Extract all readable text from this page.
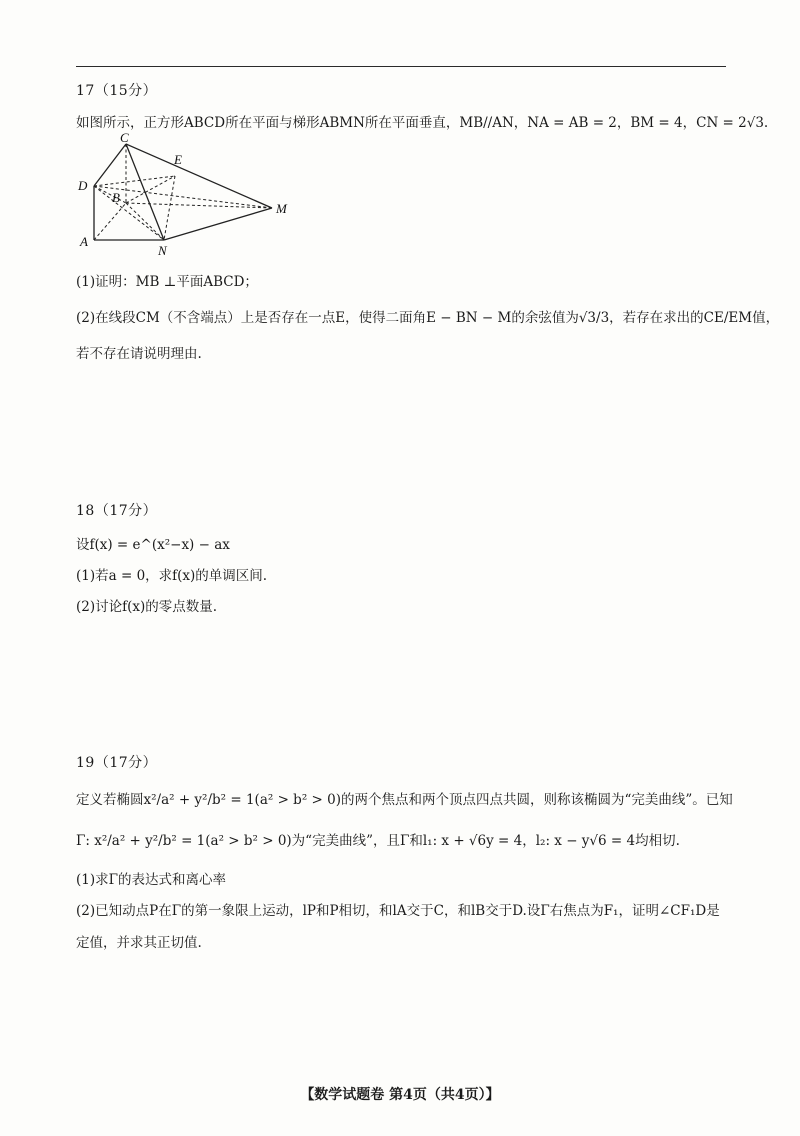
17（15分）
如图所示，正方形ABCD所在平面与梯形ABMN所在平面垂直，MB//AN，NA = AB = 2，BM = 4，CN = 2√3.
C
E
D
B
M
A
N
(1)证明：MB ⊥平面ABCD；
(2)在线段CM（不含端点）上是否存在一点E，使得二面角E − BN − M的余弦值为√3/3，若存在求出的CE/EM值，
若不存在请说明理由.
18（17分）
设f(x) = e^(x²−x) − ax
(1)若a = 0，求f(x)的单调区间.
(2)讨论f(x)的零点数量.
19（17分）
定义若椭圆x²/a² + y²/b² = 1(a² > b² > 0)的两个焦点和两个顶点四点共圆，则称该椭圆为“完美曲线”。已知
Γ: x²/a² + y²/b² = 1(a² > b² > 0)为“完美曲线”，且Γ和l₁: x + √6y = 4，l₂: x − y√6 = 4均相切.
(1)求Γ的表达式和离心率
(2)已知动点P在Γ的第一象限上运动，lP和P相切，和lA交于C，和lB交于D.设Γ右焦点为F₁，证明∠CF₁D是
定值，并求其正切值.
【数学试题卷 第4页（共4页）】
